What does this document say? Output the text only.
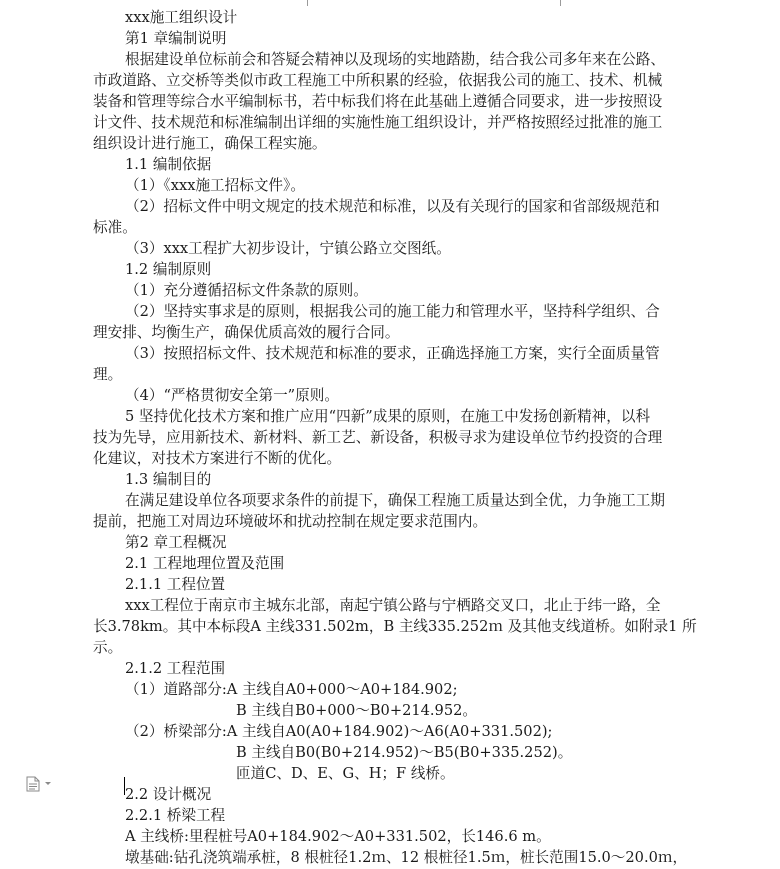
xxx施工组织设计
第1 章编制说明
根据建设单位标前会和答疑会精神以及现场的实地踏勘，结合我公司多年来在公路、
市政道路、立交桥等类似市政工程施工中所积累的经验，依据我公司的施工、技术、机械
装备和管理等综合水平编制标书，若中标我们将在此基础上遵循合同要求，进一步按照设
计文件、技术规范和标准编制出详细的实施性施工组织设计，并严格按照经过批准的施工
组织设计进行施工，确保工程实施。
1.1 编制依据
（1）《xxx施工招标文件》。
（2）招标文件中明文规定的技术规范和标准，以及有关现行的国家和省部级规范和
标准。
（3）xxx工程扩大初步设计，宁镇公路立交图纸。
1.2 编制原则
（1）充分遵循招标文件条款的原则。
（2）坚持实事求是的原则，根据我公司的施工能力和管理水平，坚持科学组织、合
理安排、均衡生产，确保优质高效的履行合同。
（3）按照招标文件、技术规范和标准的要求，正确选择施工方案，实行全面质量管
理。
（4）“严格贯彻安全第一”原则。
5 坚持优化技术方案和推广应用“四新”成果的原则，在施工中发扬创新精神，以科
技为先导，应用新技术、新材料、新工艺、新设备，积极寻求为建设单位节约投资的合理
化建议，对技术方案进行不断的优化。
1.3 编制目的
在满足建设单位各项要求条件的前提下，确保工程施工质量达到全优，力争施工工期
提前，把施工对周边环境破坏和扰动控制在规定要求范围内。
第2 章工程概况
2.1 工程地理位置及范围
2.1.1 工程位置
xxx工程位于南京市主城东北部，南起宁镇公路与宁栖路交叉口，北止于纬一路，全
长3.78km。其中本标段A 主线331.502m，B 主线335.252ｍ 及其他支线道桥。如附录1 所
示。
2.1.2 工程范围
（1）道路部分:A 主线自A0+000～A0+184.902;
B 主线自B0+000～B0+214.952。
（2）桥梁部分:A 主线自A0(A0+184.902)～A6(A0+331.502);
B 主线自B0(B0+214.952)～B5(B0+335.252)。
匝道C、D、E、G、H；F 线桥。
2.2 设计概况
2.2.1 桥梁工程
A 主线桥:里程桩号A0+184.902～A0+331.502，长146.6 m。
墩基础:钻孔浇筑端承桩，8 根桩径1.2ｍ、12 根桩径1.5ｍ，桩长范围15.0～20.0ｍ，
